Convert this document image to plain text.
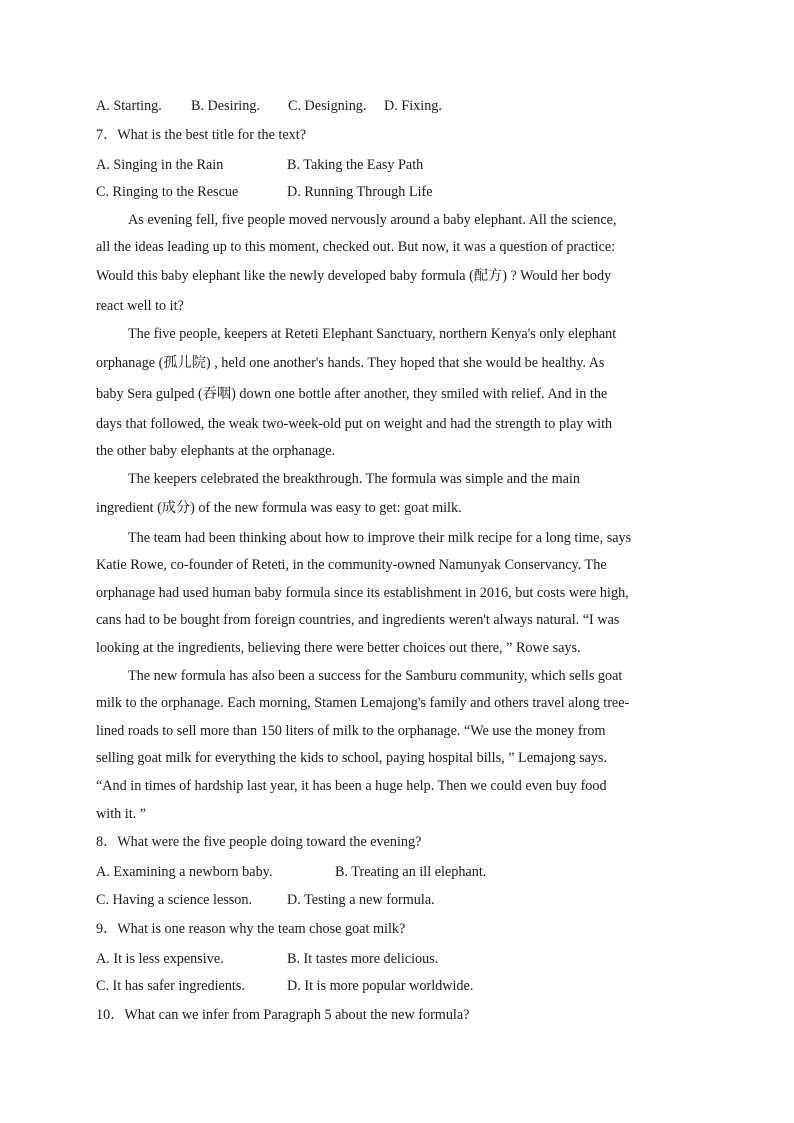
A. Starting. B. Desiring. C. Designing. D. Fixing.
7．What is the best title for the text?
A. Singing in the Rain	B. Taking the Easy Path
C. Ringing to the Rescue	D. Running Through Life
As evening fell, five people moved nervously around a baby elephant. All the science,
all the ideas leading up to this moment, checked out. But now, it was a question of practice:
Would this baby elephant like the newly developed baby formula (配方) ? Would her body
react well to it?
The five people, keepers at Reteti Elephant Sanctuary, northern Kenya's only elephant
orphanage (孤儿院) , held one another's hands. They hoped that she would be healthy. As
baby Sera gulped (吞咽) down one bottle after another, they smiled with relief. And in the
days that followed, the weak two-week-old put on weight and had the strength to play with
the other baby elephants at the orphanage.
The keepers celebrated the breakthrough. The formula was simple and the main
ingredient (成分) of the new formula was easy to get: goat milk.
The team had been thinking about how to improve their milk recipe for a long time, says
Katie Rowe, co-founder of Reteti, in the community-owned Namunyak Conservancy. The
orphanage had used human baby formula since its establishment in 2016, but costs were high,
cans had to be bought from foreign countries, and ingredients weren't always natural. “I was
looking at the ingredients, believing there were better choices out there, ” Rowe says.
The new formula has also been a success for the Samburu community, which sells goat
milk to the orphanage. Each morning, Stamen Lemajong's family and others travel along tree-
lined roads to sell more than 150 liters of milk to the orphanage. “We use the money from
selling goat milk for everything the kids to school, paying hospital bills, ” Lemajong says.
“And in times of hardship last year, it has been a huge help. Then we could even buy food
with it. ”
8．What were the five people doing toward the evening?
A. Examining a newborn baby.	B. Treating an ill elephant.
C. Having a science lesson. D. Testing a new formula.
9．What is one reason why the team chose goat milk?
A. It is less expensive.	B. It tastes more delicious.
C. It has safer ingredients.	D. It is more popular worldwide.
10．What can we infer from Paragraph 5 about the new formula?
